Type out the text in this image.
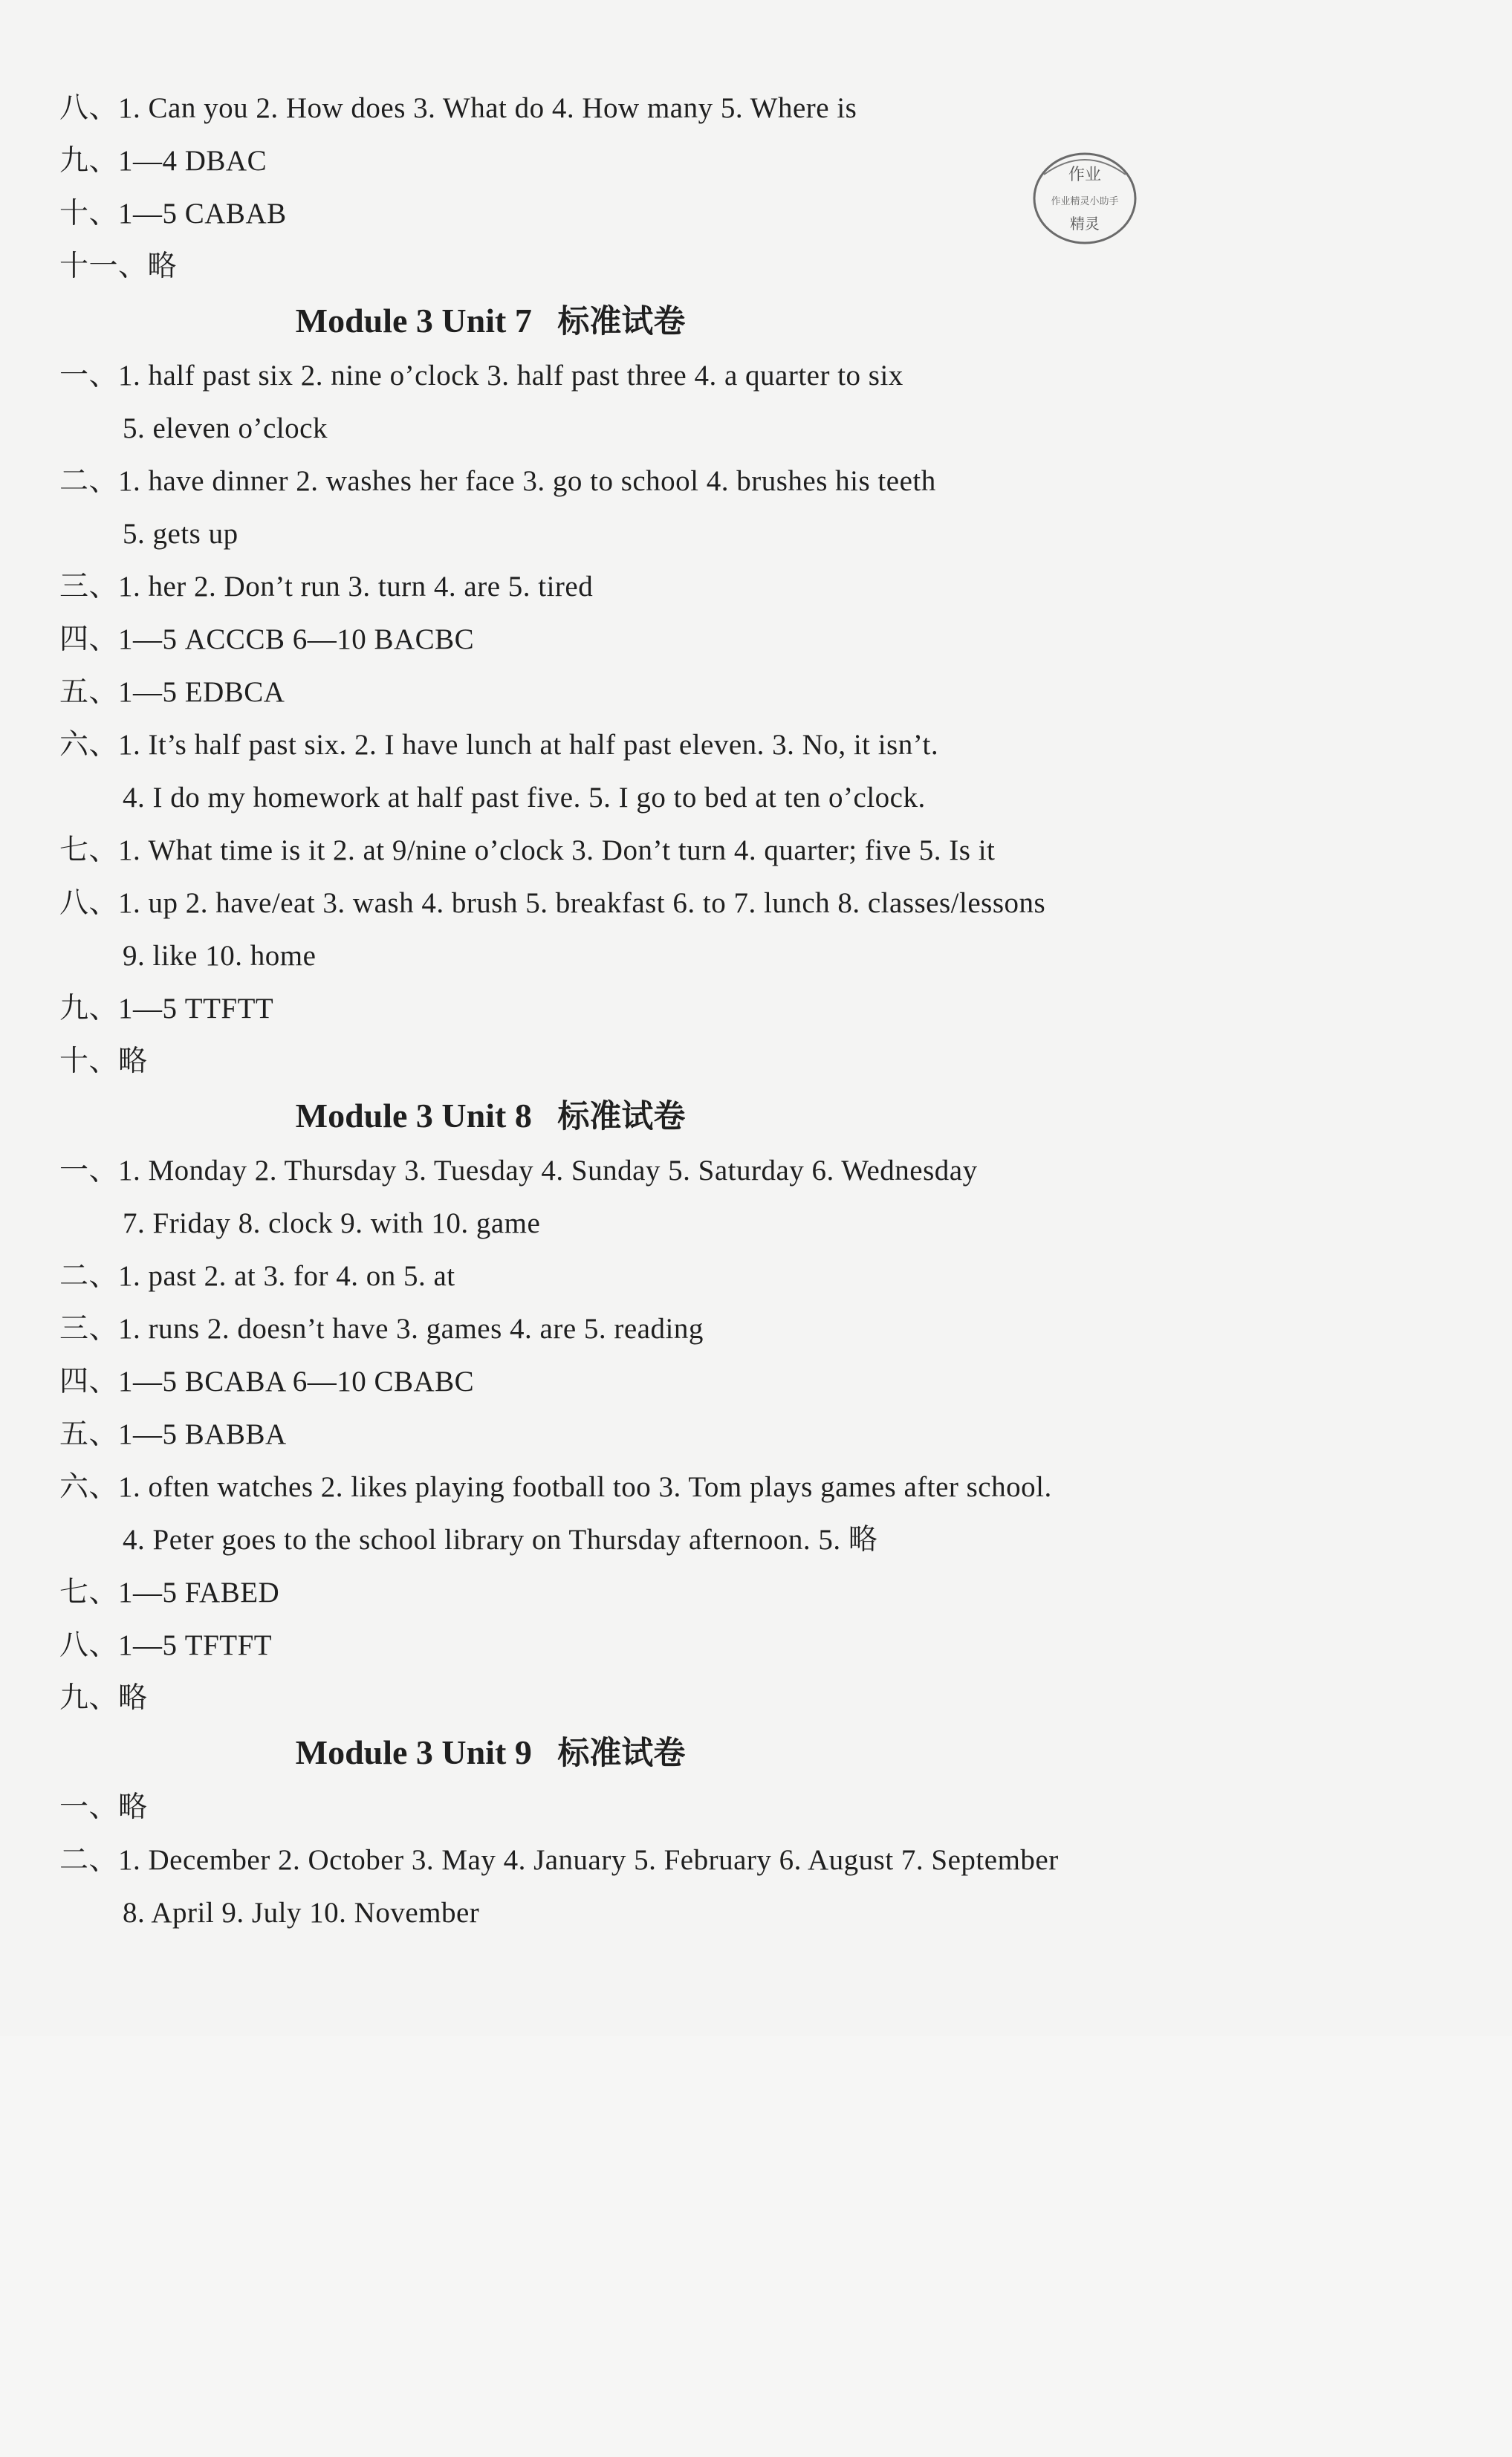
八、1. Can you 2. How does 3. What do 4. How many 5. Where is
九、1—4 DBAC
十、1—5 CABAB
十一、略
Module 3 Unit 7 标准试卷
一、1. half past six 2. nine o’clock 3. half past three 4. a quarter to six
5. eleven o’clock
二、1. have dinner 2. washes her face 3. go to school 4. brushes his teeth
5. gets up
三、1. her 2. Don’t run 3. turn 4. are 5. tired
四、1—5 ACCCB 6—10 BACBC
五、1—5 EDBCA
六、1. It’s half past six. 2. I have lunch at half past eleven. 3. No, it isn’t.
4. I do my homework at half past five. 5. I go to bed at ten o’clock.
七、1. What time is it 2. at 9/nine o’clock 3. Don’t turn 4. quarter; five 5. Is it
八、1. up 2. have/eat 3. wash 4. brush 5. breakfast 6. to 7. lunch 8. classes/lessons
9. like 10. home
九、1—5 TTFTT
十、略
Module 3 Unit 8 标准试卷
一、1. Monday 2. Thursday 3. Tuesday 4. Sunday 5. Saturday 6. Wednesday
7. Friday 8. clock 9. with 10. game
二、1. past 2. at 3. for 4. on 5. at
三、1. runs 2. doesn’t have 3. games 4. are 5. reading
四、1—5 BCABA 6—10 CBABC
五、1—5 BABBA
六、1. often watches 2. likes playing football too 3. Tom plays games after school.
4. Peter goes to the school library on Thursday afternoon. 5. 略
七、1—5 FABED
八、1—5 TFTFT
九、略
Module 3 Unit 9 标准试卷
一、略
二、1. December 2. October 3. May 4. January 5. February 6. August 7. September
8. April 9. July 10. November
作业
作业精灵小助手
精灵
